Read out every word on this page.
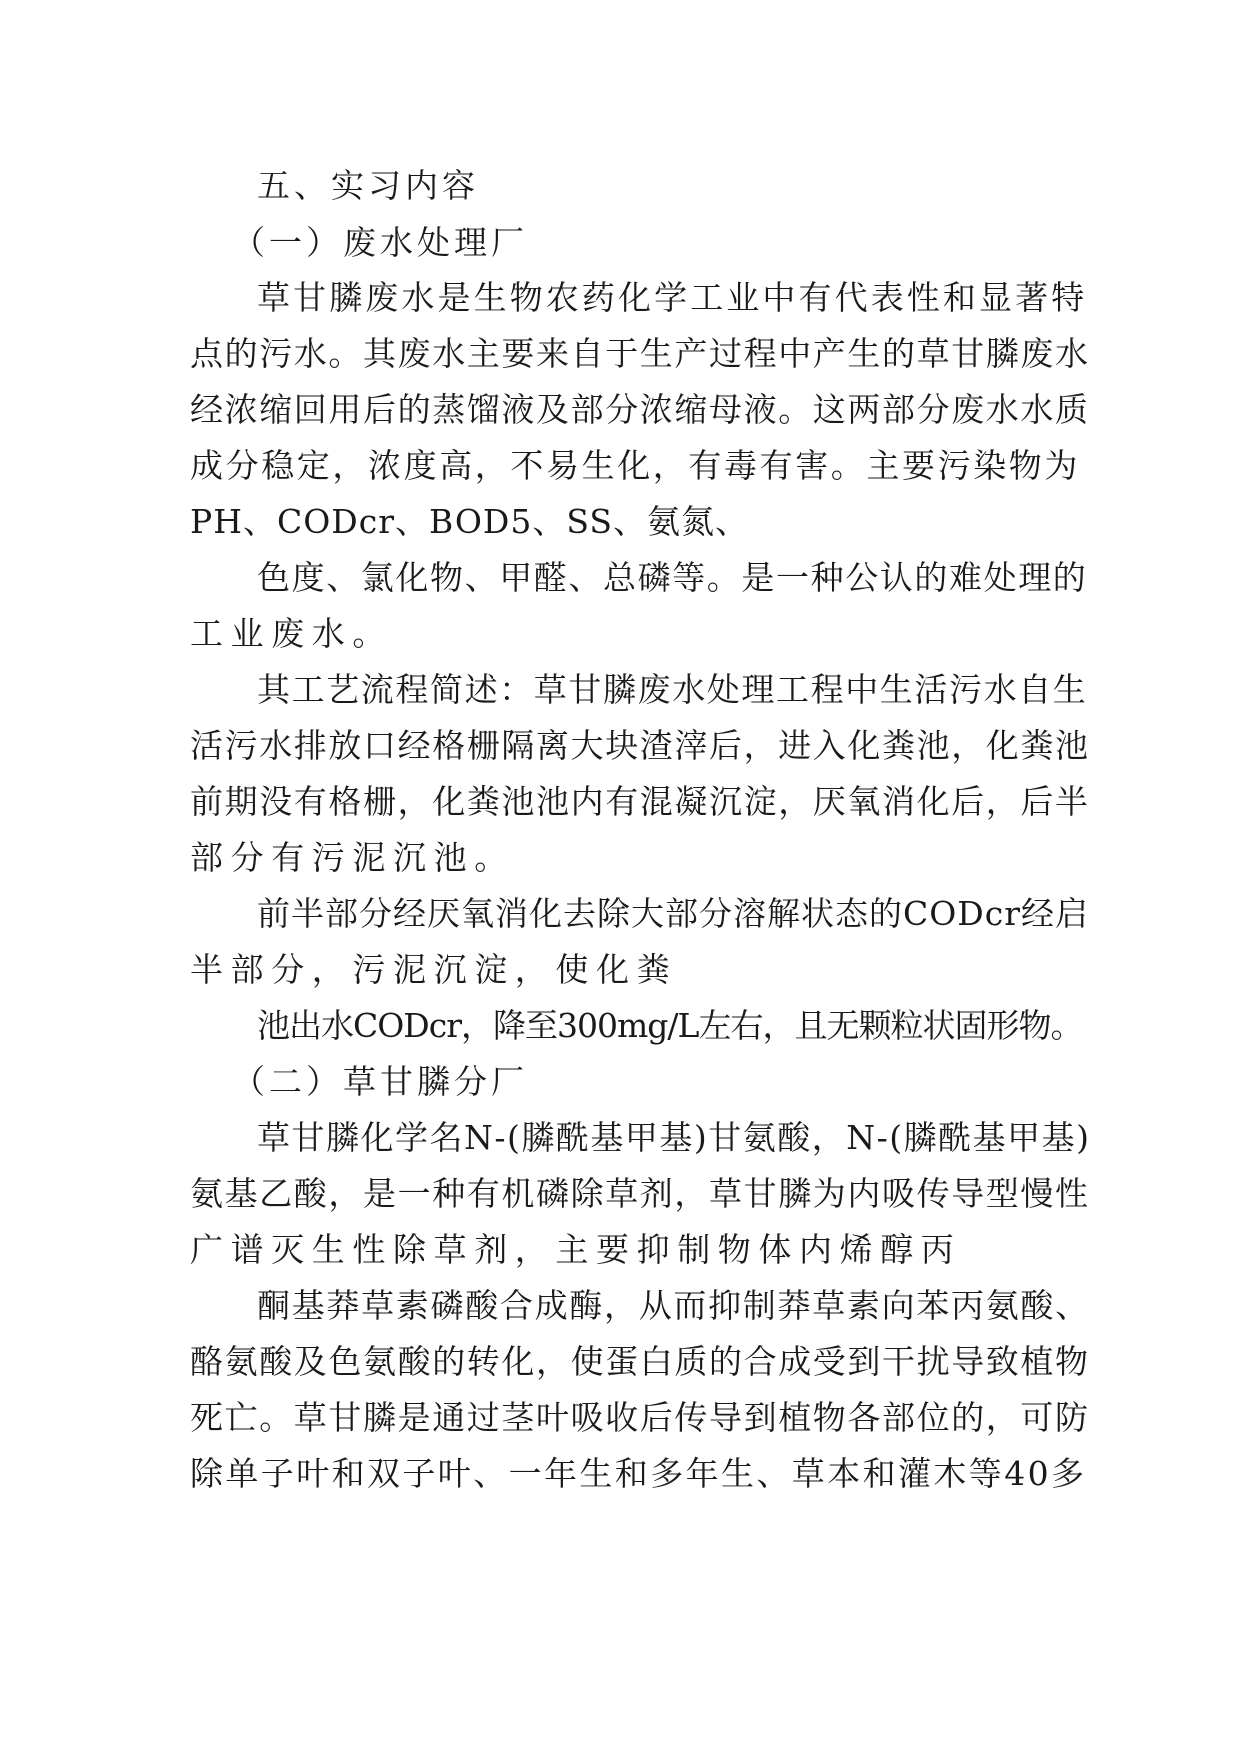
五、实习内容
（一）废水处理厂
草甘膦废水是生物农药化学工业中有代表性和显著特
点的污水。其废水主要来自于生产过程中产生的草甘膦废水
经浓缩回用后的蒸馏液及部分浓缩母液。这两部分废水水质
成分稳定，浓度高，不易生化，有毒有害。主要污染物为
PH、CODcr、BOD5、SS、氨氮、
色度、氯化物、甲醛、总磷等。是一种公认的难处理的
工业废水。
其工艺流程简述：草甘膦废水处理工程中生活污水自生
活污水排放口经格栅隔离大块渣滓后，进入化粪池，化粪池
前期没有格栅，化粪池池内有混凝沉淀，厌氧消化后，后半
部分有污泥沉池。
前半部分经厌氧消化去除大部分溶解状态的CODcr经启
半部分，污泥沉淀，使化粪
池出水CODcr，降至300mg/L左右，且无颗粒状固形物。
（二）草甘膦分厂
草甘膦化学名N-(膦酰基甲基)甘氨酸，N-(膦酰基甲基)
氨基乙酸，是一种有机磷除草剂，草甘膦为内吸传导型慢性
广谱灭生性除草剂，主要抑制物体内烯醇丙
酮基莽草素磷酸合成酶，从而抑制莽草素向苯丙氨酸、
酪氨酸及色氨酸的转化，使蛋白质的合成受到干扰导致植物
死亡。草甘膦是通过茎叶吸收后传导到植物各部位的，可防
除单子叶和双子叶、一年生和多年生、草本和灌木等40多
